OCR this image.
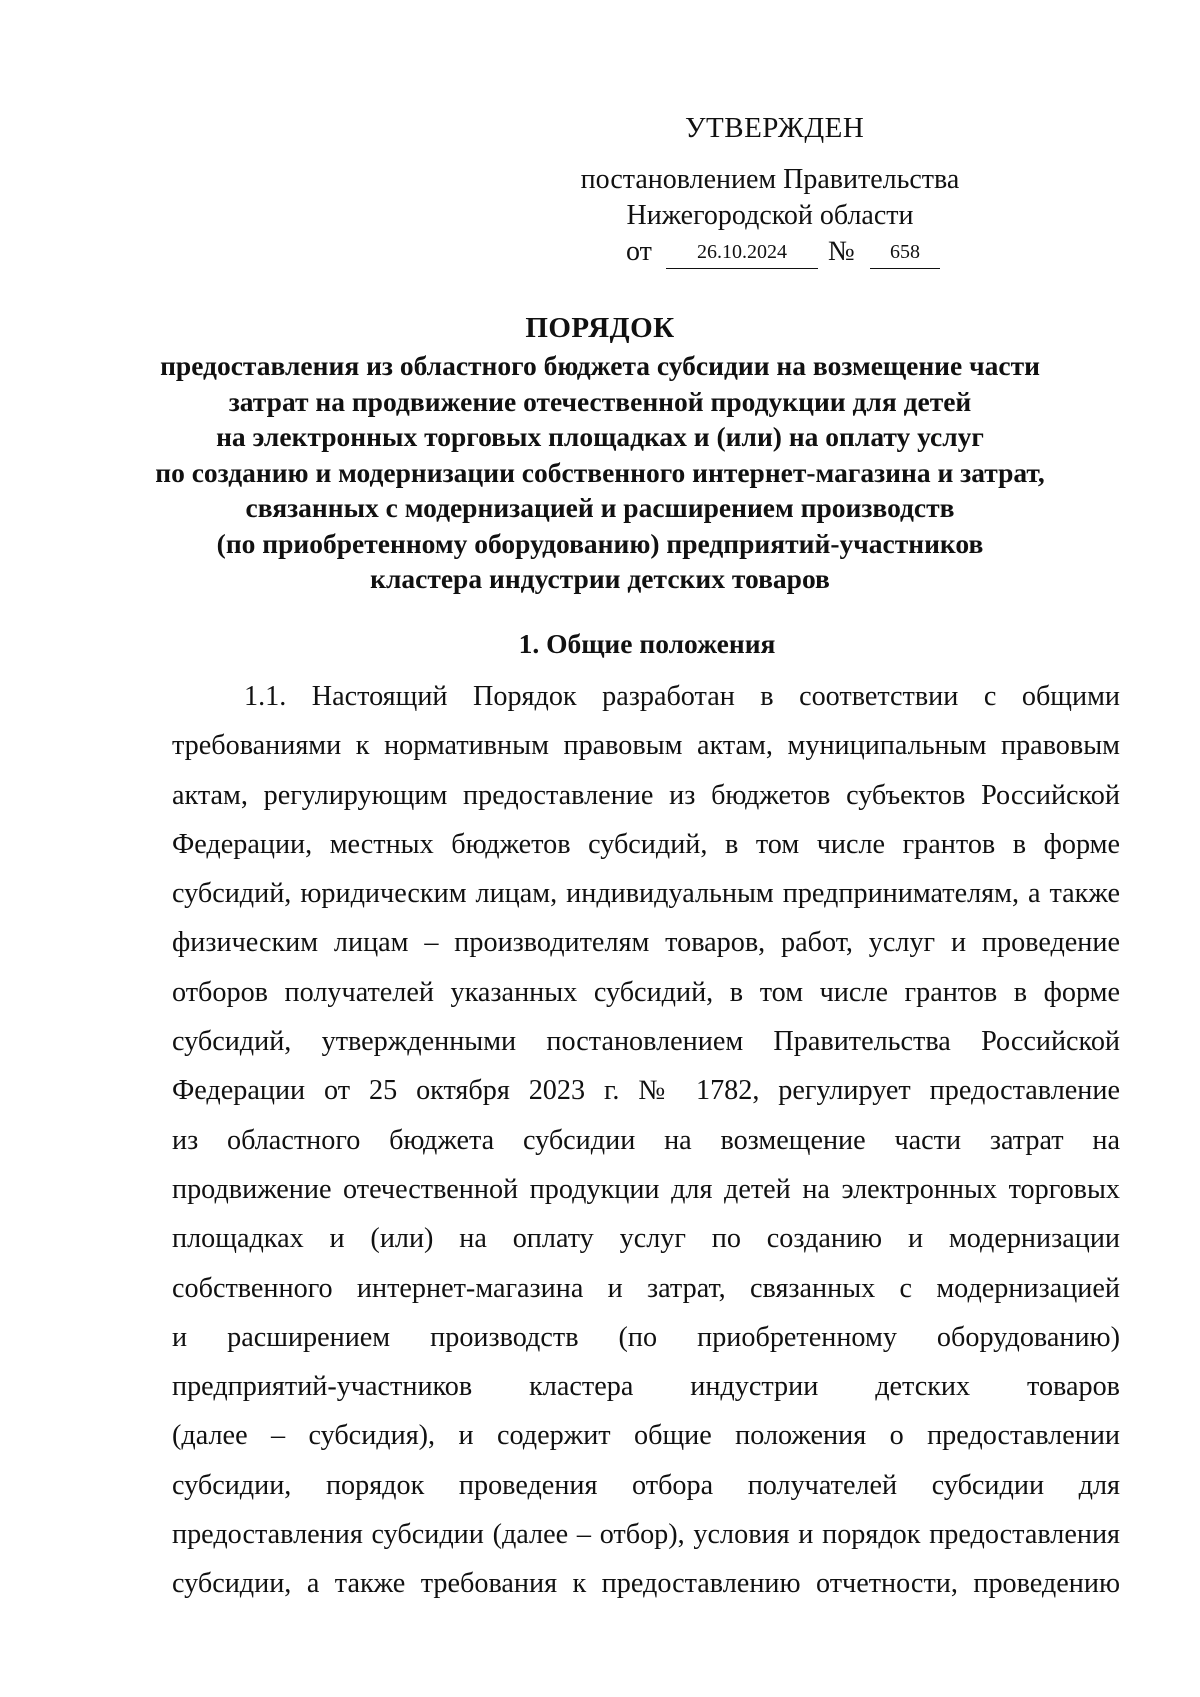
УТВЕРЖДЕН
постановлением Правительства
Нижегородской области
от	26.10.2024	№	658
ПОРЯДОК
предоставления из областного бюджета субсидии на возмещение части
затрат на продвижение отечественной продукции для детей
на электронных торговых площадках и (или) на оплату услуг
по созданию и модернизации собственного интернет-магазина и затрат,
связанных с модернизацией и расширением производств
(по приобретенному оборудованию) предприятий-участников
кластера индустрии детских товаров
1. Общие положения
1.1. Настоящий Порядок разработан в соответствии с общими
требованиями к нормативным правовым актам, муниципальным правовым
актам, регулирующим предоставление из бюджетов субъектов Российской
Федерации, местных бюджетов субсидий, в том числе грантов в форме
субсидий, юридическим лицам, индивидуальным предпринимателям, а также
физическим лицам – производителям товаров, работ, услуг и проведение
отборов получателей указанных субсидий, в том числе грантов в форме
субсидий, утвержденными постановлением Правительства Российской
Федерации от 25 октября 2023 г. № 1782, регулирует предоставление
из областного бюджета субсидии на возмещение части затрат на
продвижение отечественной продукции для детей на электронных торговых
площадках и (или) на оплату услуг по созданию и модернизации
собственного интернет-магазина и затрат, связанных с модернизацией
и расширением производств (по приобретенному оборудованию)
предприятий-участников кластера индустрии детских товаров
(далее – субсидия), и содержит общие положения о предоставлении
субсидии, порядок проведения отбора получателей субсидии для
предоставления субсидии (далее – отбор), условия и порядок предоставления
субсидии, а также требования к предоставлению отчетности, проведению
